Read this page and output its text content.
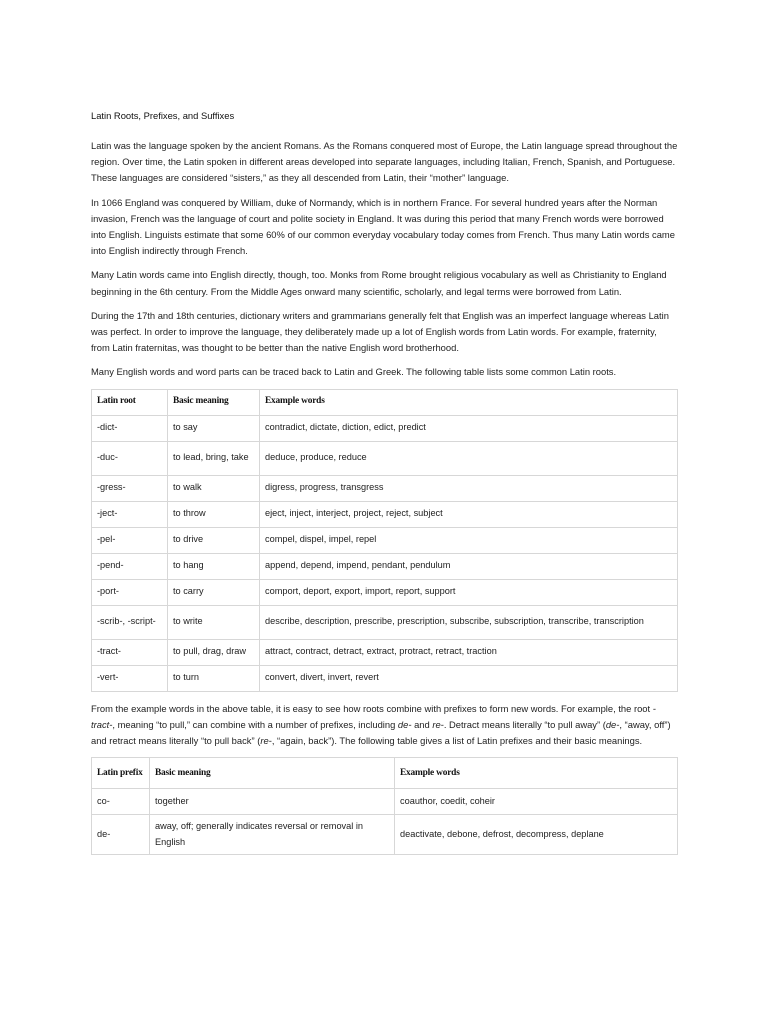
Latin Roots, Prefixes, and Suffixes

Latin was the language spoken by the ancient Romans. As the Romans conquered most of Europe, the Latin language spread throughout the region. Over time, the Latin spoken in different areas developed into separate languages, including Italian, French, Spanish, and Portuguese. These languages are considered “sisters,” as they all descended from Latin, their “mother” language.

In 1066 England was conquered by William, duke of Normandy, which is in northern France. For several hundred years after the Norman invasion, French was the language of court and polite society in England. It was during this period that many French words were borrowed into English. Linguists estimate that some 60% of our common everyday vocabulary today comes from French. Thus many Latin words came into English indirectly through French.

Many Latin words came into English directly, though, too. Monks from Rome brought religious vocabulary as well as Christianity to England beginning in the 6th century. From the Middle Ages onward many scientific, scholarly, and legal terms were borrowed from Latin.

During the 17th and 18th centuries, dictionary writers and grammarians generally felt that English was an imperfect language whereas Latin was perfect. In order to improve the language, they deliberately made up a lot of English words from Latin words. For example, fraternity, from Latin fraternitas, was thought to be better than the native English word brotherhood.

Many English words and word parts can be traced back to Latin and Greek. The following table lists some common Latin roots.

Latin root	Basic meaning	Example words
-dict-	to say	contradict, dictate, diction, edict, predict
-duc-	to lead, bring, take	deduce, produce, reduce
-gress-	to walk	digress, progress, transgress
-ject-	to throw	eject, inject, interject, project, reject, subject
-pel-	to drive	compel, dispel, impel, repel
-pend-	to hang	append, depend, impend, pendant, pendulum
-port-	to carry	comport, deport, export, import, report, support
-scrib-, -script-	to write	describe, description, prescribe, prescription, subscribe, subscription, transcribe, transcription
-tract-	to pull, drag, draw	attract, contract, detract, extract, protract, retract, traction
-vert-	to turn	convert, divert, invert, revert

From the example words in the above table, it is easy to see how roots combine with prefixes to form new words. For example, the root -tract-, meaning “to pull,” can combine with a number of prefixes, including de- and re-. Detract means literally “to pull away” (de-, “away, off”) and retract means literally “to pull back” (re-, “again, back”). The following table gives a list of Latin prefixes and their basic meanings.

Latin prefix	Basic meaning	Example words
co-	together	coauthor, coedit, coheir
de-	away, off; generally indicates reversal or removal in English	deactivate, debone, defrost, decompress, deplane
